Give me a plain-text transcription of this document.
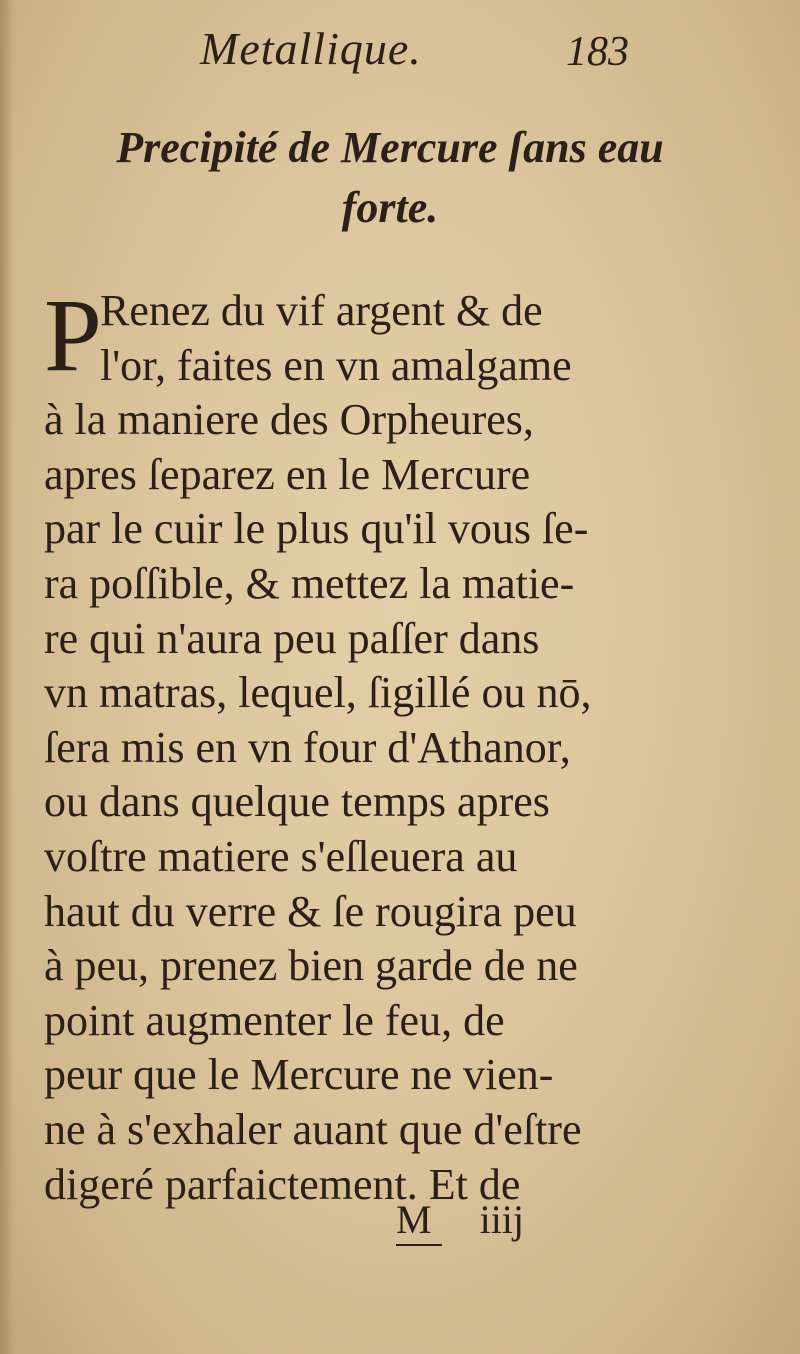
Metallique.	183
Precipité de Mercure ſans eau
forte.
P
Renez du vif argent & de
l'or, faites en vn amalgame
à la maniere des Orpheures,
apres ſeparez en le Mercure
par le cuir le plus qu'il vous ſe-
ra poſſible, & mettez la matie-
re qui n'aura peu paſſer dans
vn matras, lequel, ſigillé ou nō,
ſera mis en vn four d'Athanor,
ou dans quelque temps apres
voſtre matiere s'eſleuera au
haut du verre & ſe rougira peu
à peu, prenez bien garde de ne
point augmenter le feu, de
peur que le Mercure ne vien-
ne à s'exhaler auant que d'eſtre
digeré parfaictement. Et de
M iiij
